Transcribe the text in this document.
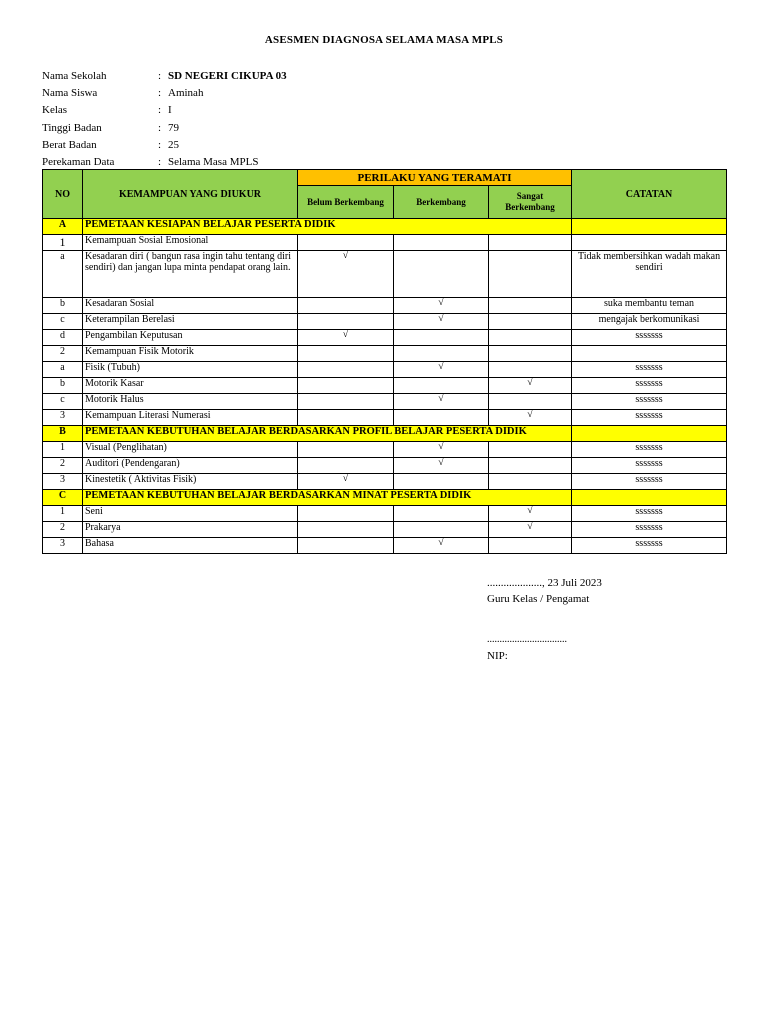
ASESMEN DIAGNOSA SELAMA MASA MPLS
Nama Sekolah	: SD NEGERI CIKUPA 03
Nama Siswa	: Aminah
Kelas	: I
Tinggi Badan	: 79
Berat Badan	: 25
Perekaman Data	: Selama Masa MPLS
NO	KEMAMPUAN YANG DIUKUR	PERILAKU YANG TERAMATI			CATATAN
		Belum Berkembang	Berkembang	Sangat Berkembang	
A	PEMETAAN KESIAPAN BELAJAR PESERTA DIDIK				
1	Kemampuan Sosial Emosional				
a	Kesadaran diri ( bangun rasa ingin tahu tentang diri sendiri) dan jangan lupa minta pendapat orang lain.	√			Tidak membersihkan wadah makan sendiri
b	Kesadaran Sosial		√		suka membantu teman
c	Keterampilan Berelasi		√		mengajak berkomunikasi
d	Pengambilan Keputusan	√			sssssss
2	Kemampuan Fisik Motorik				
a	Fisik (Tubuh)		√		sssssss
b	Motorik Kasar			√	sssssss
c	Motorik Halus		√		sssssss
3	Kemampuan Literasi Numerasi			√	sssssss
B	PEMETAAN KEBUTUHAN BELAJAR BERDASARKAN PROFIL BELAJAR PESERTA DIDIK				
1	Visual (Penglihatan)		√		sssssss
2	Auditori (Pendengaran)		√		sssssss
3	Kinestetik ( Aktivitas Fisik)	√			sssssss
C	PEMETAAN KEBUTUHAN BELAJAR BERDASARKAN MINAT PESERTA DIDIK				
1	Seni			√	sssssss
2	Prakarya			√	sssssss
3	Bahasa		√		sssssss
...................., 23 Juli 2023
Guru Kelas / Pengamat
................................
NIP:
